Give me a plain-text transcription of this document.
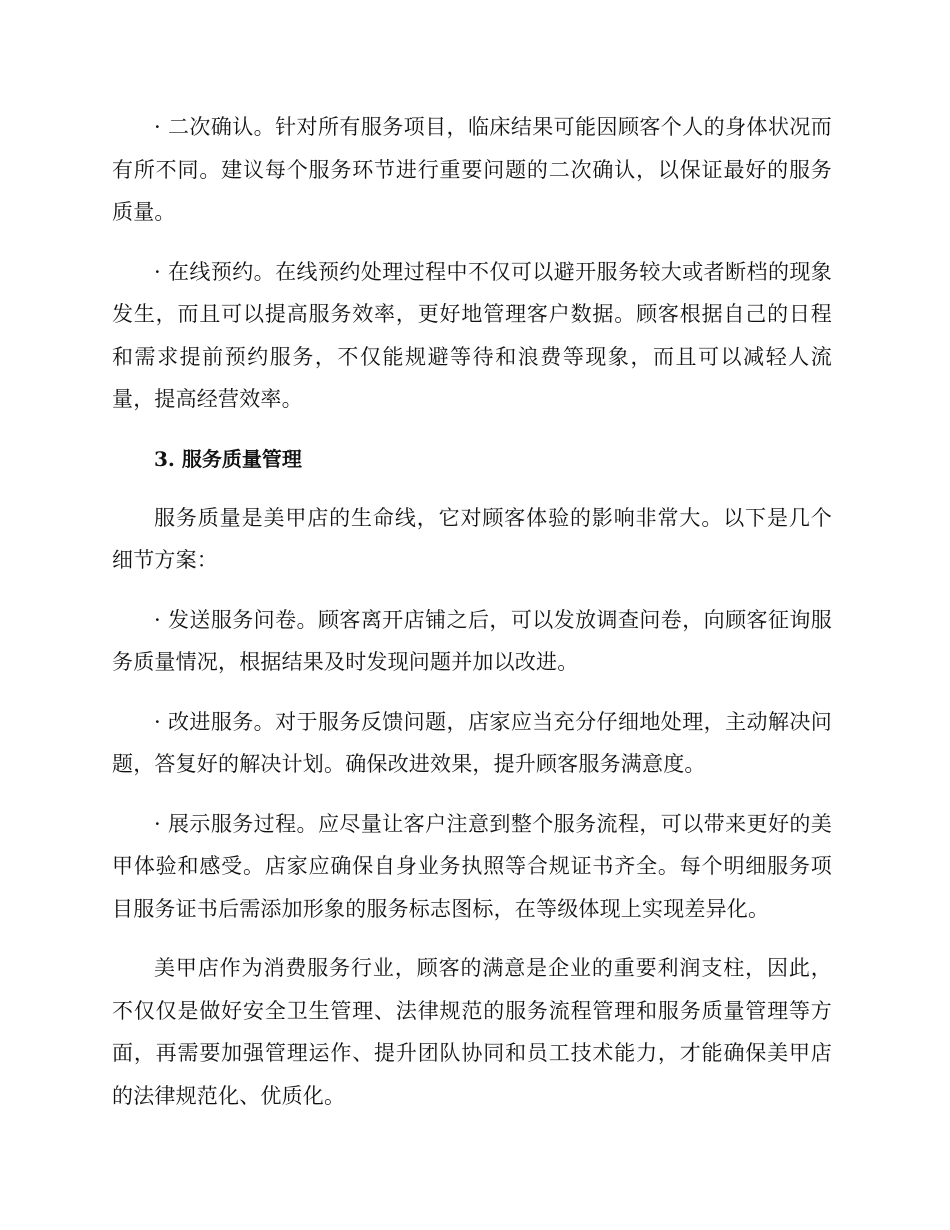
· 二次确认。针对所有服务项目，临床结果可能因顾客个人的身体状况而有所不同。建议每个服务环节进行重要问题的二次确认，以保证最好的服务质量。

· 在线预约。在线预约处理过程中不仅可以避开服务较大或者断档的现象发生，而且可以提高服务效率，更好地管理客户数据。顾客根据自己的日程和需求提前预约服务，不仅能规避等待和浪费等现象，而且可以减轻人流量，提高经营效率。

3. 服务质量管理

服务质量是美甲店的生命线，它对顾客体验的影响非常大。以下是几个细节方案：

· 发送服务问卷。顾客离开店铺之后，可以发放调查问卷，向顾客征询服务质量情况，根据结果及时发现问题并加以改进。

· 改进服务。对于服务反馈问题，店家应当充分仔细地处理，主动解决问题，答复好的解决计划。确保改进效果，提升顾客服务满意度。

· 展示服务过程。应尽量让客户注意到整个服务流程，可以带来更好的美甲体验和感受。店家应确保自身业务执照等合规证书齐全。每个明细服务项目服务证书后需添加形象的服务标志图标，在等级体现上实现差异化。

美甲店作为消费服务行业，顾客的满意是企业的重要利润支柱，因此，不仅仅是做好安全卫生管理、法律规范的服务流程管理和服务质量管理等方面，再需要加强管理运作、提升团队协同和员工技术能力，才能确保美甲店的法律规范化、优质化。
